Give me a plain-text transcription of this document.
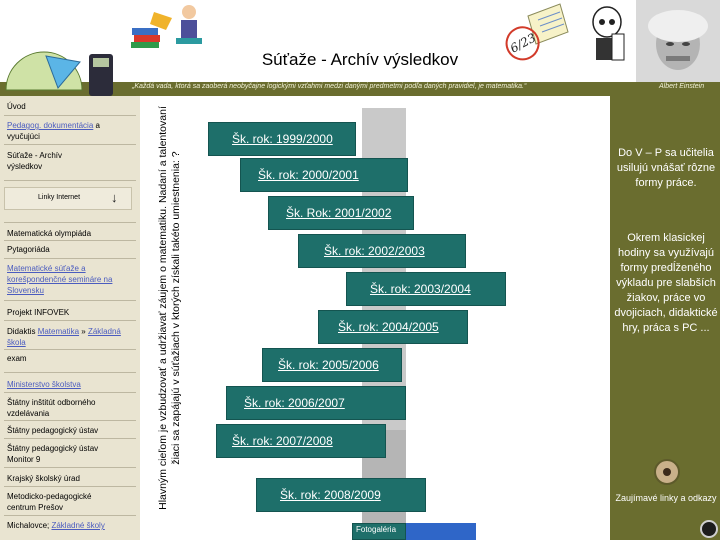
Súťaže - Archív výsledkov
6/23
„Každá vada, ktorá sa zaoberá neobyčajne logickými vzťahmi medzi danými predmetmi podľa daných pravidiel, je matematika.“	Albert Einstein
Úvod
Pedagog. dokumentácia a vyučujúci
Súťaže - Archív výsledkov
Linky Internet ↓
Matematická olympiáda
Pytagoriáda
Matematické súťaže a korešpondenčné semináre na Slovensku
Projekt INFOVEK
Didaktis Matematika » Základná škola
exam
Ministerstvo školstva
Štátny inštitút odborného vzdelávania
Štátny pedagogický ústav
Štátny pedagogický ústav Monitor 9
Krajský školský úrad
Metodicko-pedagogické centrum Prešov
Michalovce; Základné školy
Hlavným cieľom je vzbudzovať a udržiavať záujem o matematiku. Nadaní a talentovaní žiaci sa zapájajú v súťažiach v ktorých získali takéto umiestnenia: ?	Do V – P sa učitelia usilujú vnášať rôzne formy práce.
Okrem klasickej hodiny sa využívajú formy predĺženého výkladu pre slabších žiakov, práce vo dvojiciach, didaktické hry, práca s PC ...
Zaujímavé linky a odkazy
Šk. rok: 1999/2000
Šk. rok: 2000/2001
Šk. Rok: 2001/2002
Šk. rok: 2002/2003
Šk. rok: 2003/2004
Šk. rok: 2004/2005
Šk. rok: 2005/2006
Šk. rok: 2006/2007
Šk. rok: 2007/2008
Šk. rok: 2008/2009
Fotogaléria
